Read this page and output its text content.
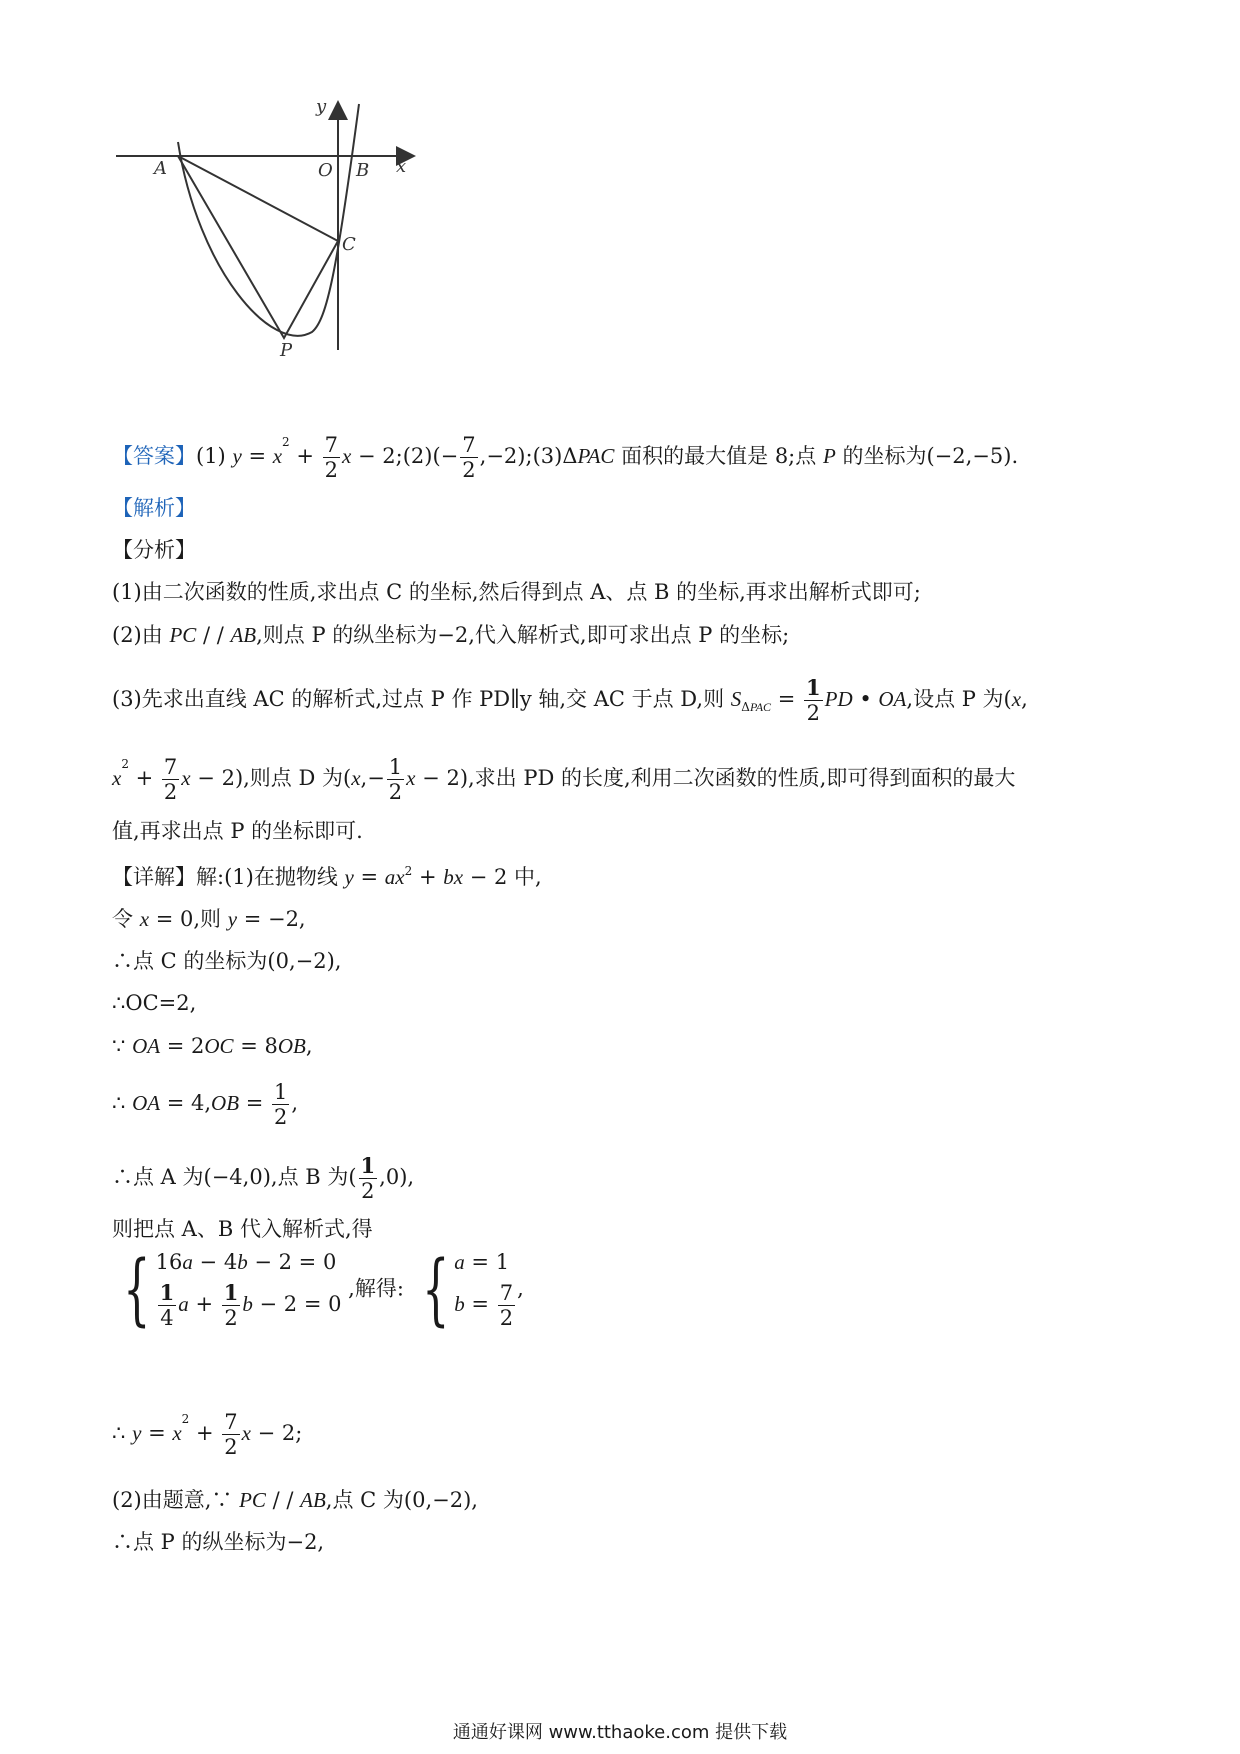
y
x
O
A	B
C
P
【答案】(1) $y = x^2 + \frac{7}{2}$ x − 2;(2)(− $\frac{7}{2}$ ,−2);(3)ΔPAC 面积的最大值是 8;点 P 的坐标为(−2,−5).
【解析】
【分析】
(1)由二次函数的性质,求出点 C 的坐标,然后得到点 A、点 B 的坐标,再求出解析式即可;
(2)由 PC / / AB,则点 P 的纵坐标为−2,代入解析式,即可求出点 P 的坐标;
(3)先求出直线 AC 的解析式,过点 P 作 PD∥y 轴,交 AC 于点 D,则 $S_{\Delta PAC} = \frac{1}{2}$ PD • OA,设点 P 为(x,
$x^2 + \frac{7}{2}$ x − 2),则点 D 为($x,- \frac{1}{2}$ x − 2),求出 PD 的长度,利用二次函数的性质,即可得到面积的最大
值,再求出点 P 的坐标即可.
【详解】解:(1)在抛物线 $y = ax^2$ + bx − 2 中,
令 x = 0,则 y = −2,
∴点 C 的坐标为(0,−2),
∴OC=2,
∵ OA = 2OC = 8OB,
∴ OA = $4,OB = \frac{1}{2}$ ,
∴点 A 为(−4,0),点 B 为( $\frac{1}{2} ,0$),
则把点 A、B 代入解析式,得
{ 16a − 4b − 2 = 0
$\frac{1}{4}$ $a + \frac{1}{2}$ b − 2 = 0
,解得: { a = 1
$b = \frac{7}{2}$ ,
∴ $y = x^2 + \frac{7}{2}$ x − 2;
(2)由题意,∵ PC / / AB,点 C 为(0,−2),
∴点 P 的纵坐标为−2,
通通好课网 www.tthaoke.com 提供下载
